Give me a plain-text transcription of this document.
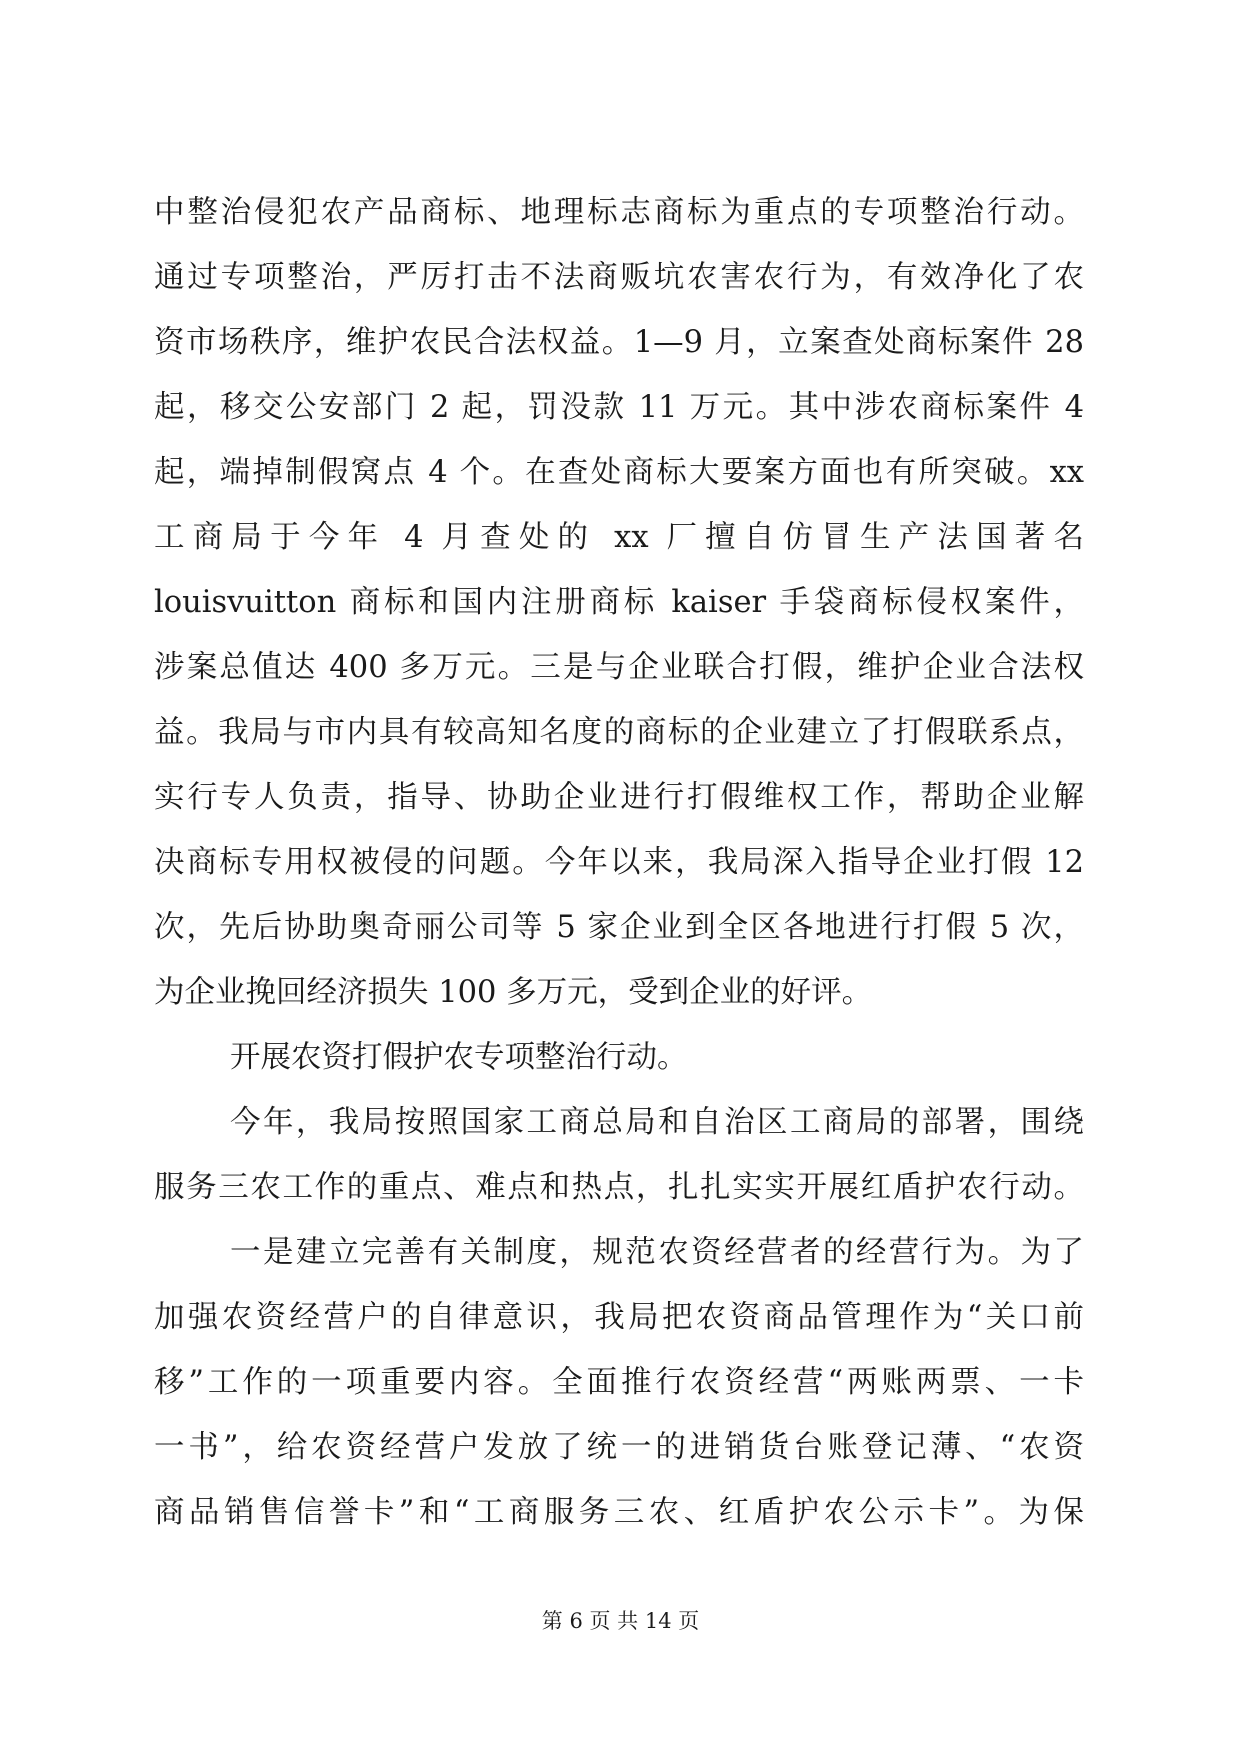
中整治侵犯农产品商标、地理标志商标为重点的专项整治行动。
通过专项整治，严厉打击不法商贩坑农害农行为，有效净化了农
资市场秩序，维护农民合法权益。1—9 月，立案查处商标案件 28
起，移交公安部门 2 起，罚没款 11 万元。其中涉农商标案件 4
起，端掉制假窝点 4 个。在查处商标大要案方面也有所突破。xx
工商局于今年 4 月查处的 xx 厂擅自仿冒生产法国著名
louisvuitton 商标和国内注册商标 kaiser 手袋商标侵权案件，
涉案总值达 400 多万元。三是与企业联合打假，维护企业合法权
益。我局与市内具有较高知名度的商标的企业建立了打假联系点，
实行专人负责，指导、协助企业进行打假维权工作，帮助企业解
决商标专用权被侵的问题。今年以来，我局深入指导企业打假 12
次，先后协助奥奇丽公司等 5 家企业到全区各地进行打假 5 次，
为企业挽回经济损失 100 多万元，受到企业的好评。
开展农资打假护农专项整治行动。
今年，我局按照国家工商总局和自治区工商局的部署，围绕
服务三农工作的重点、难点和热点，扎扎实实开展红盾护农行动。
一是建立完善有关制度，规范农资经营者的经营行为。为了
加强农资经营户的自律意识，我局把农资商品管理作为“关口前
移”工作的一项重要内容。全面推行农资经营“两账两票、一卡
一书”，给农资经营户发放了统一的进销货台账登记薄、“农资
商品销售信誉卡”和“工商服务三农、红盾护农公示卡”。为保
第 6 页 共 14 页
